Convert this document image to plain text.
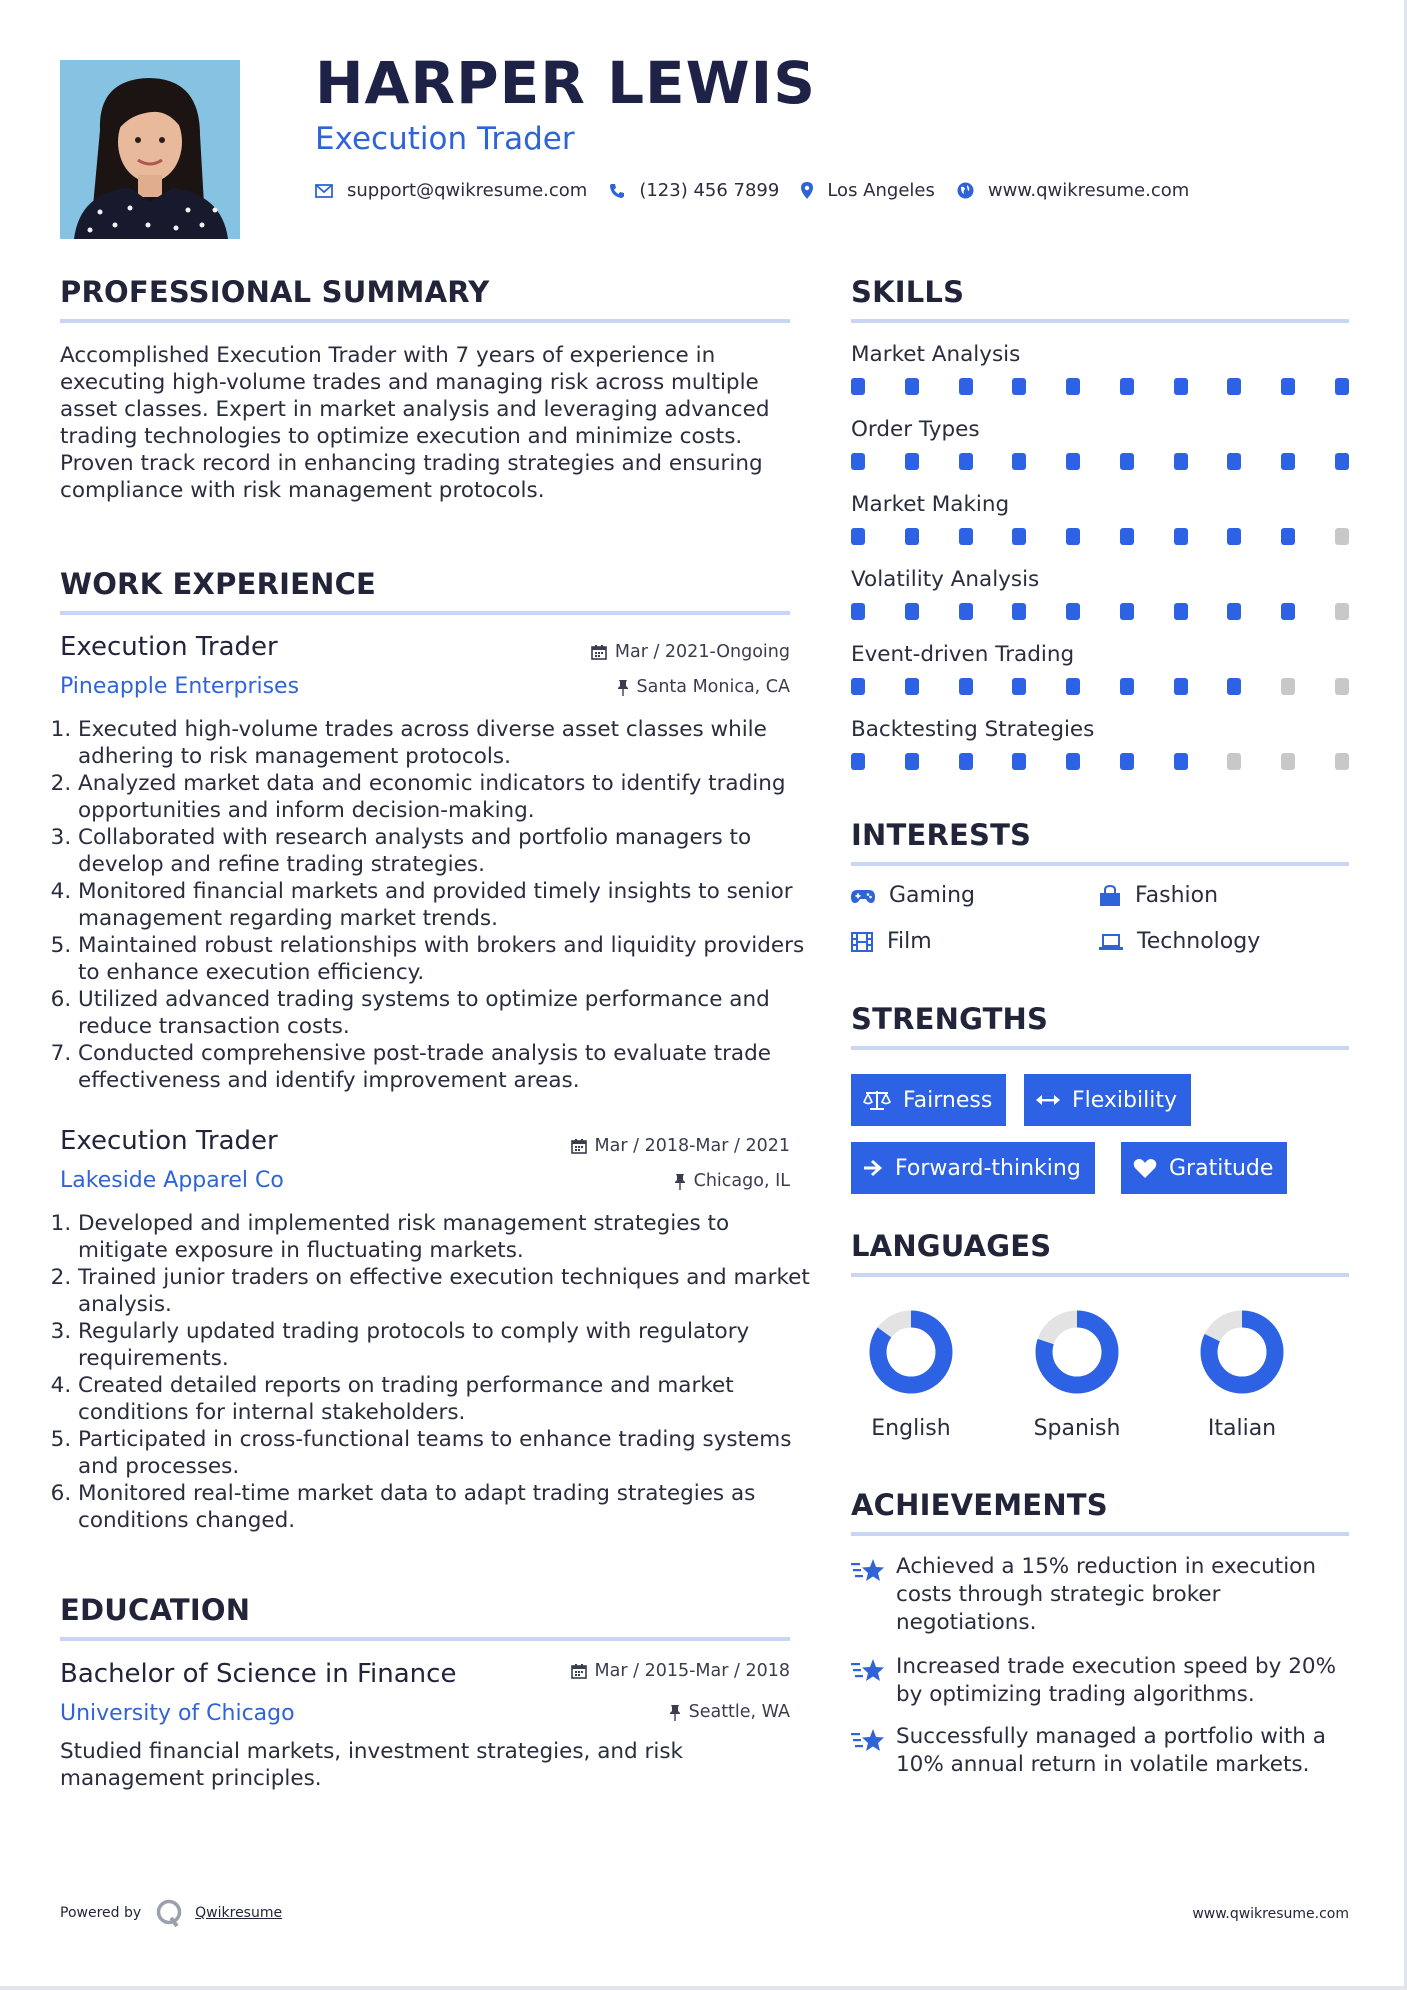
HARPER LEWIS
Execution Trader
support@qwikresume.com	(123) 456 7899	Los Angeles	www.qwikresume.com
PROFESSIONAL SUMMARY
Accomplished Execution Trader with 7 years of experience in executing high-volume trades and managing risk across multiple asset classes. Expert in market analysis and leveraging advanced trading technologies to optimize execution and minimize costs. Proven track record in enhancing trading strategies and ensuring compliance with risk management protocols.
WORK EXPERIENCE
Execution Trader
Pineapple Enterprises
Mar / 2021-Ongoing
Santa Monica, CA
1. Executed high-volume trades across diverse asset classes while adhering to risk management protocols.
2. Analyzed market data and economic indicators to identify trading opportunities and inform decision-making.
3. Collaborated with research analysts and portfolio managers to develop and refine trading strategies.
4. Monitored financial markets and provided timely insights to senior management regarding market trends.
5. Maintained robust relationships with brokers and liquidity providers to enhance execution efficiency.
6. Utilized advanced trading systems to optimize performance and reduce transaction costs.
7. Conducted comprehensive post-trade analysis to evaluate trade effectiveness and identify improvement areas.
Execution Trader
Lakeside Apparel Co
Mar / 2018-Mar / 2021
Chicago, IL
1. Developed and implemented risk management strategies to mitigate exposure in fluctuating markets.
2. Trained junior traders on effective execution techniques and market analysis.
3. Regularly updated trading protocols to comply with regulatory requirements.
4. Created detailed reports on trading performance and market conditions for internal stakeholders.
5. Participated in cross-functional teams to enhance trading systems and processes.
6. Monitored real-time market data to adapt trading strategies as conditions changed.
EDUCATION
Bachelor of Science in Finance
University of Chicago
Mar / 2015-Mar / 2018
Seattle, WA
Studied financial markets, investment strategies, and risk management principles.
SKILLS
Market Analysis
Order Types
Market Making
Volatility Analysis
Event-driven Trading
Backtesting Strategies
INTERESTS
Gaming	Fashion
Film	Technology
STRENGTHS
Fairness	Flexibility
Forward-thinking	Gratitude
LANGUAGES
English	Spanish	Italian
ACHIEVEMENTS
Achieved a 15% reduction in execution costs through strategic broker negotiations.
Increased trade execution speed by 20% by optimizing trading algorithms.
Successfully managed a portfolio with a 10% annual return in volatile markets.
Powered by	Qwikresume	www.qwikresume.com
